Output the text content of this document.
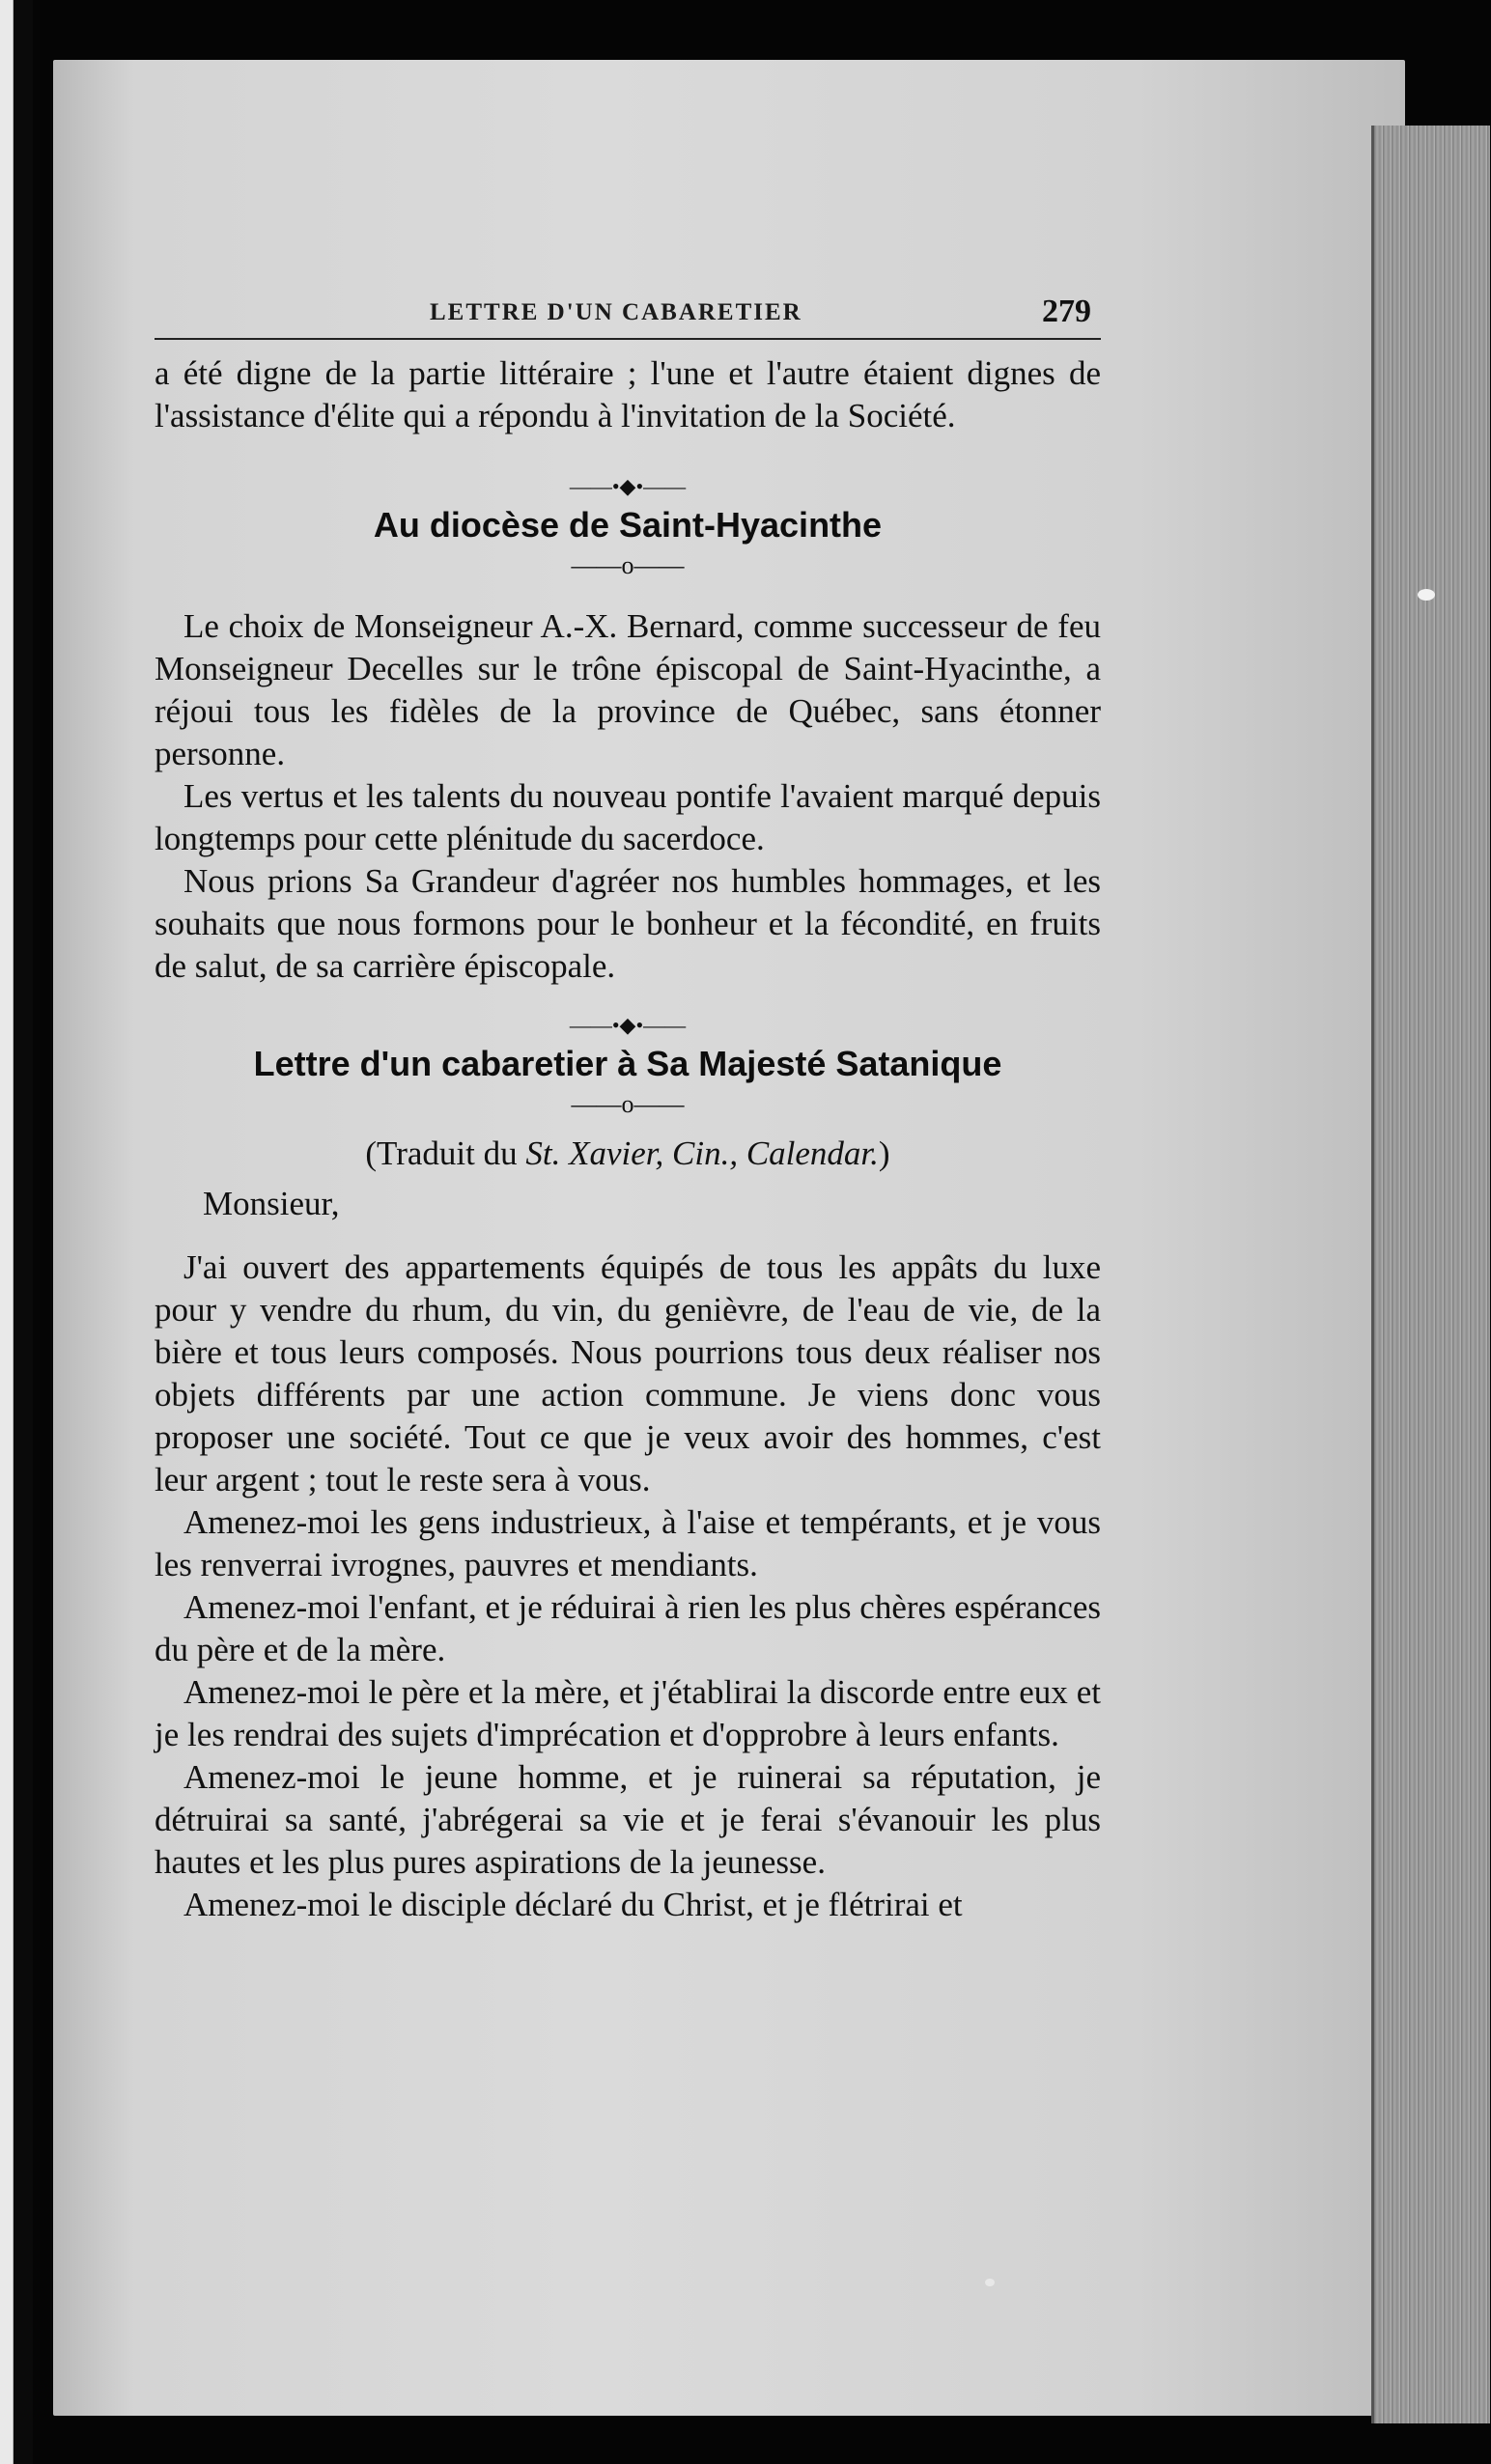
LETTRE D'UN CABARETIER	279

a été digne de la partie littéraire ; l'une et l'autre étaient dignes de l'assistance d'élite qui a répondu à l'invitation de la Société.

——•◆•——
Au diocèse de Saint-Hyacinthe
——o——

Le choix de Monseigneur A.-X. Bernard, comme successeur de feu Monseigneur Decelles sur le trône épiscopal de Saint-Hyacinthe, a réjoui tous les fidèles de la province de Québec, sans étonner personne.

Les vertus et les talents du nouveau pontife l'avaient marqué depuis longtemps pour cette plénitude du sacerdoce.

Nous prions Sa Grandeur d'agréer nos humbles hommages, et les souhaits que nous formons pour le bonheur et la fécondité, en fruits de salut, de sa carrière épiscopale.

——•◆•——
Lettre d'un cabaretier à Sa Majesté Satanique
——o——
(Traduit du St. Xavier, Cin., Calendar.)

Monsieur,

J'ai ouvert des appartements équipés de tous les appâts du luxe pour y vendre du rhum, du vin, du genièvre, de l'eau de vie, de la bière et tous leurs composés. Nous pourrions tous deux réaliser nos objets différents par une action commune. Je viens donc vous proposer une société. Tout ce que je veux avoir des hommes, c'est leur argent ; tout le reste sera à vous.

Amenez-moi les gens industrieux, à l'aise et tempérants, et je vous les renverrai ivrognes, pauvres et mendiants.

Amenez-moi l'enfant, et je réduirai à rien les plus chères espérances du père et de la mère.

Amenez-moi le père et la mère, et j'établirai la discorde entre eux et je les rendrai des sujets d'imprécation et d'opprobre à leurs enfants.

Amenez-moi le jeune homme, et je ruinerai sa réputation, je détruirai sa santé, j'abrégerai sa vie et je ferai s'évanouir les plus hautes et les plus pures aspirations de la jeunesse.

Amenez-moi le disciple déclaré du Christ, et je flétrirai et
